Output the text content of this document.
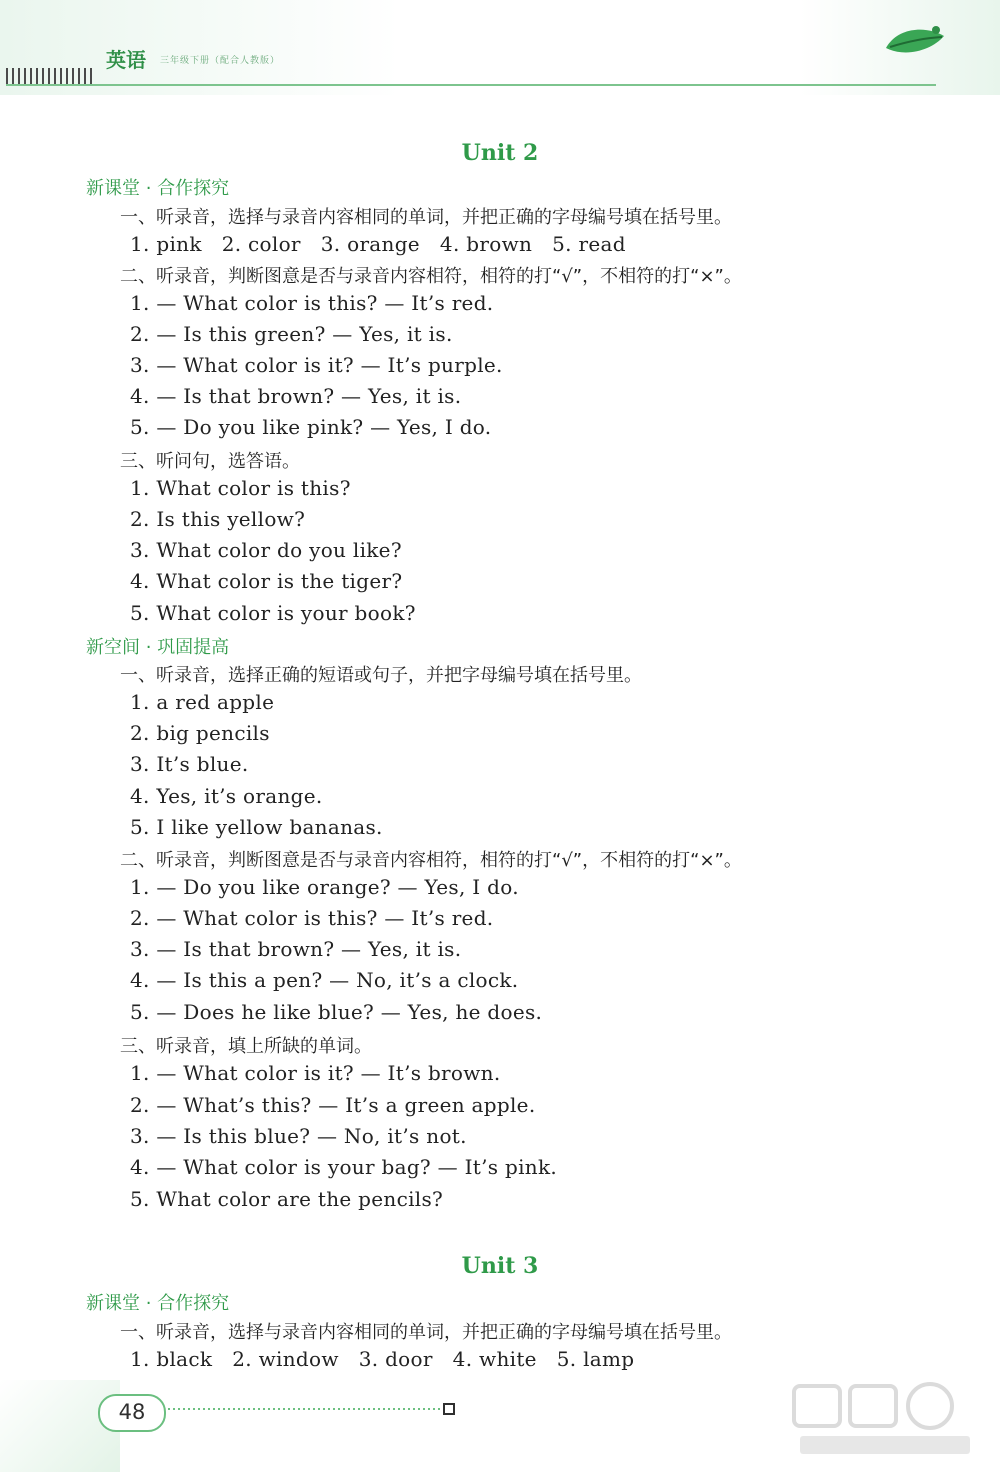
英语 三年级下册（配合人教版）
Unit 2
新课堂 · 合作探究
一、听录音，选择与录音内容相同的单词，并把正确的字母编号填在括号里。
1. pink   2. color   3. orange   4. brown   5. read
二、听录音，判断图意是否与录音内容相符，相符的打“√”，不相符的打“×”。
1. — What color is this? — It’s red.
2. — Is this green? — Yes, it is.
3. — What color is it? — It’s purple.
4. — Is that brown? — Yes, it is.
5. — Do you like pink? — Yes, I do.
三、听问句，选答语。
1. What color is this?
2. Is this yellow?
3. What color do you like?
4. What color is the tiger?
5. What color is your book?
新空间 · 巩固提高
一、听录音，选择正确的短语或句子，并把字母编号填在括号里。
1. a red apple
2. big pencils
3. It’s blue.
4. Yes, it’s orange.
5. I like yellow bananas.
二、听录音，判断图意是否与录音内容相符，相符的打“√”，不相符的打“×”。
1. — Do you like orange? — Yes, I do.
2. — What color is this? — It’s red.
3. — Is that brown? — Yes, it is.
4. — Is this a pen? — No, it’s a clock.
5. — Does he like blue? — Yes, he does.
三、听录音，填上所缺的单词。
1. — What color is it? — It’s brown.
2. — What’s this? — It’s a green apple.
3. — Is this blue? — No, it’s not.
4. — What color is your bag? — It’s pink.
5. What color are the pencils?
Unit 3
新课堂 · 合作探究
一、听录音，选择与录音内容相同的单词，并把正确的字母编号填在括号里。
1. black   2. window   3. door   4. white   5. lamp
48
